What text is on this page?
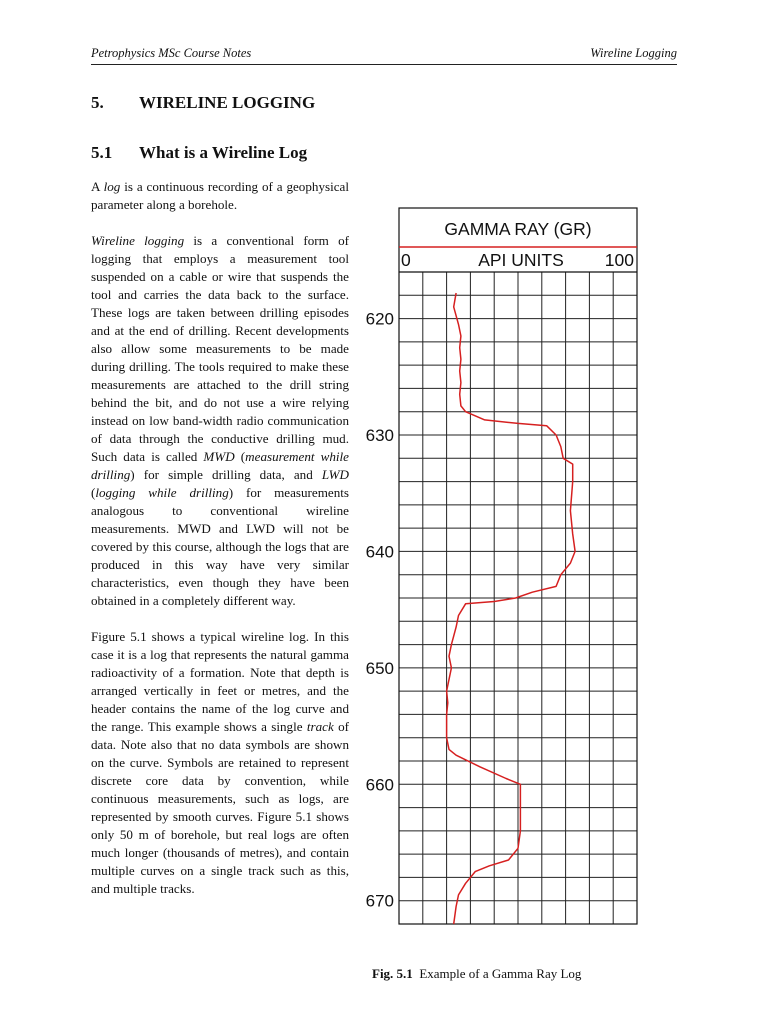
Petrophysics MSc Course Notes	Wireline Logging
5. WIRELINE LOGGING
5.1 What is a Wireline Log

A log is a continuous recording of a geophysical parameter along a borehole.

Wireline logging is a conventional form of logging that employs a measurement tool suspended on a cable or wire that suspends the tool and carries the data back to the surface. These logs are taken between drilling episodes and at the end of drilling. Recent developments also allow some measurements to be made during drilling. The tools required to make these measurements are attached to the drill string behind the bit, and do not use a wire relying instead on low band-width radio communication of data through the conductive drilling mud. Such data is called MWD (measurement while drilling) for simple drilling data, and LWD (logging while drilling) for measurements analogous to conventional wireline measurements. MWD and LWD will not be covered by this course, although the logs that are produced in this way have very similar characteristics, even though they have been obtained in a completely different way.

Figure 5.1 shows a typical wireline log. In this case it is a log that represents the natural gamma radioactivity of a formation. Note that depth is arranged vertically in feet or metres, and the header contains the name of the log curve and the range. This example shows a single track of data. Note also that no data symbols are shown on the curve. Symbols are retained to represent discrete core data by convention, while continuous measurements, such as logs, are represented by smooth curves. Figure 5.1 shows only 50 m of borehole, but real logs are often much longer (thousands of metres), and contain multiple curves on a single track such as this, and multiple tracks.

GAMMA RAY (GR)
0	API UNITS 100
620
630
640
650
660
670
Fig. 5.1 Example of a Gamma Ray Log
